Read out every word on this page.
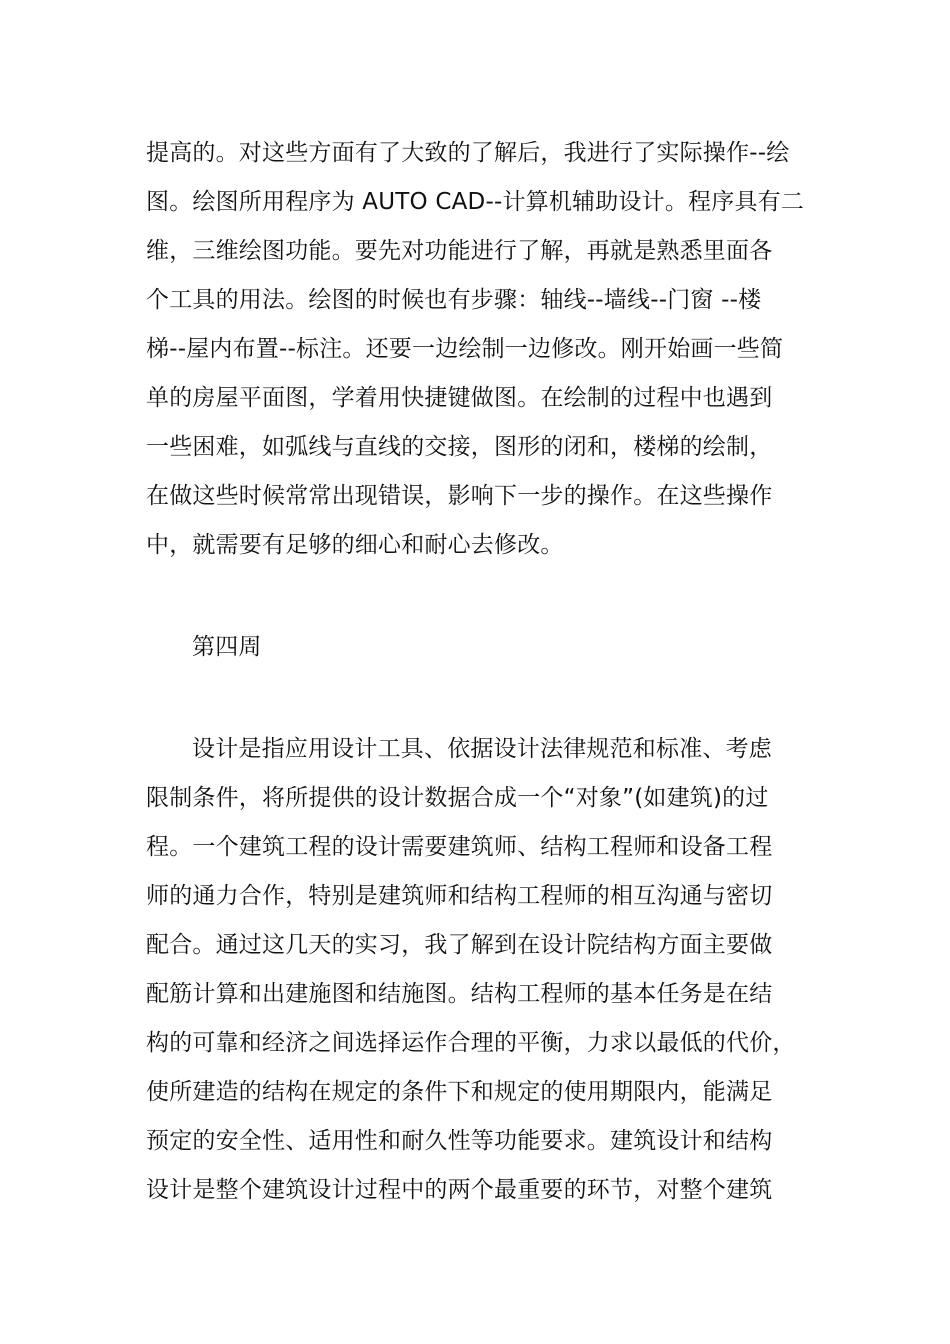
提高的。对这些方面有了大致的了解后，我进行了实际操作--绘
图。绘图所用程序为 AUTO CAD--计算机辅助设计。程序具有二
维，三维绘图功能。要先对功能进行了解，再就是熟悉里面各
个工具的用法。绘图的时候也有步骤：轴线--墙线--门窗 --楼
梯--屋内布置--标注。还要一边绘制一边修改。刚开始画一些简
单的房屋平面图，学着用快捷键做图。在绘制的过程中也遇到
一些困难，如弧线与直线的交接，图形的闭和，楼梯的绘制，
在做这些时候常常出现错误，影响下一步的操作。在这些操作
中，就需要有足够的细心和耐心去修改。
第四周
设计是指应用设计工具、依据设计法律规范和标准、考虑
限制条件，将所提供的设计数据合成一个“对象”(如建筑)的过
程。一个建筑工程的设计需要建筑师、结构工程师和设备工程
师的通力合作，特别是建筑师和结构工程师的相互沟通与密切
配合。通过这几天的实习，我了解到在设计院结构方面主要做
配筋计算和出建施图和结施图。结构工程师的基本任务是在结
构的可靠和经济之间选择运作合理的平衡，力求以最低的代价，
使所建造的结构在规定的条件下和规定的使用期限内，能满足
预定的安全性、适用性和耐久性等功能要求。建筑设计和结构
设计是整个建筑设计过程中的两个最重要的环节，对整个建筑
